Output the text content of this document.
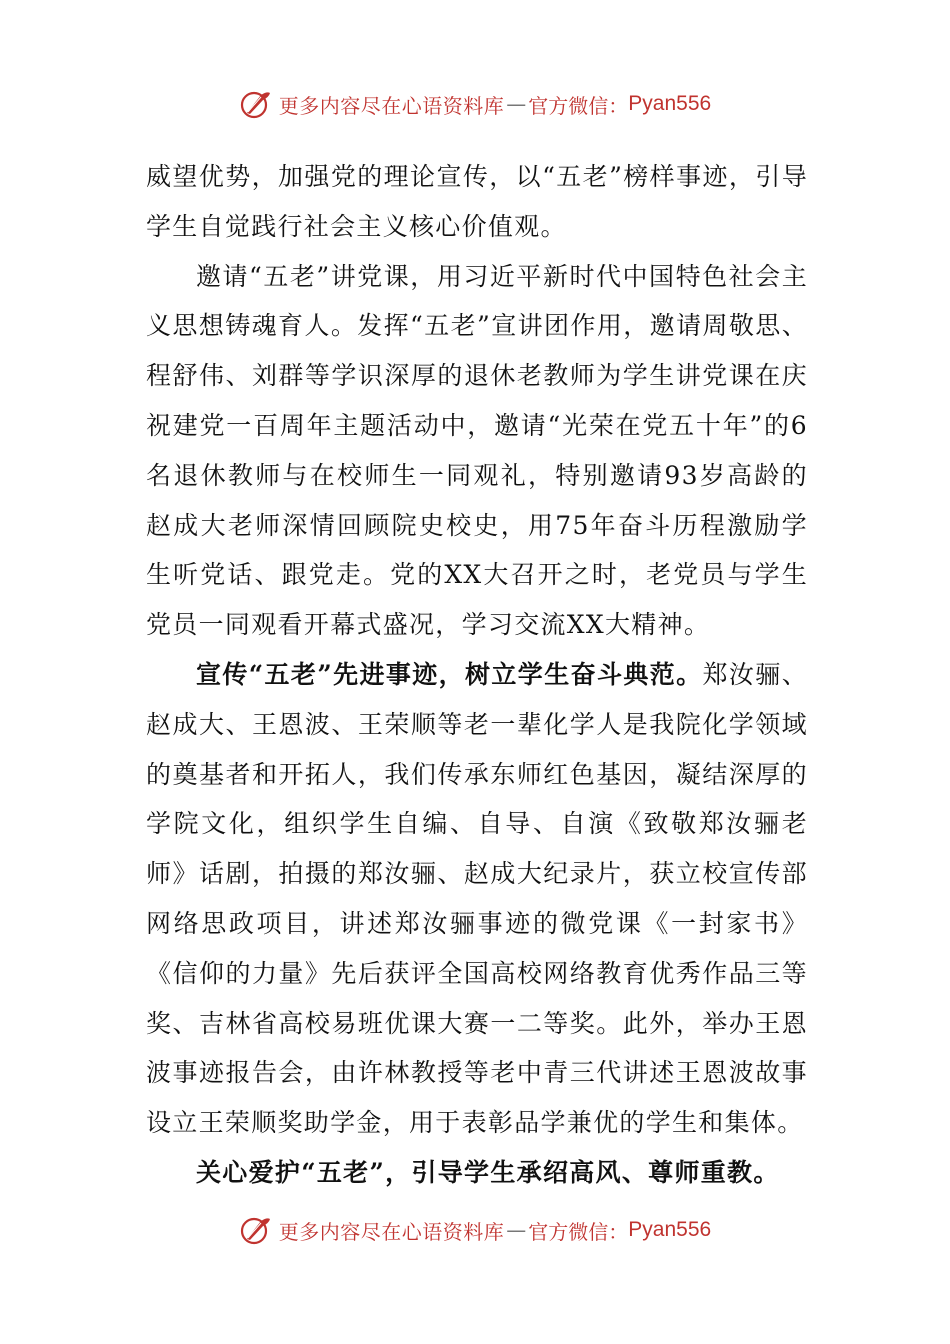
更多内容尽在心语资料库 — 官方微信： Pyan556

威望优势，加强党的理论宣传，以“五老”榜样事迹，引导学生自觉践行社会主义核心价值观。

邀请“五老”讲党课，用习近平新时代中国特色社会主义思想铸魂育人。发挥“五老”宣讲团作用，邀请周敬思、程舒伟、刘群等学识深厚的退休老教师为学生讲党课在庆祝建党一百周年主题活动中，邀请“光荣在党五十年”的6名退休教师与在校师生一同观礼，特别邀请93岁高龄的赵成大老师深情回顾院史校史，用75年奋斗历程激励学生听党话、跟党走。党的XX大召开之时，老党员与学生党员一同观看开幕式盛况，学习交流XX大精神。

宣传“五老”先进事迹，树立学生奋斗典范。郑汝骊、赵成大、王恩波、王荣顺等老一辈化学人是我院化学领域的奠基者和开拓人，我们传承东师红色基因，凝结深厚的学院文化，组织学生自编、自导、自演《致敬郑汝骊老师》话剧，拍摄的郑汝骊、赵成大纪录片，获立校宣传部网络思政项目，讲述郑汝骊事迹的微党课《一封家书》《信仰的力量》先后获评全国高校网络教育优秀作品三等奖、吉林省高校易班优课大赛一二等奖。此外，举办王恩波事迹报告会，由许林教授等老中青三代讲述王恩波故事设立王荣顺奖助学金，用于表彰品学兼优的学生和集体。

关心爱护“五老”，引导学生承绍高风、尊师重教。

更多内容尽在心语资料库 — 官方微信： Pyan556
